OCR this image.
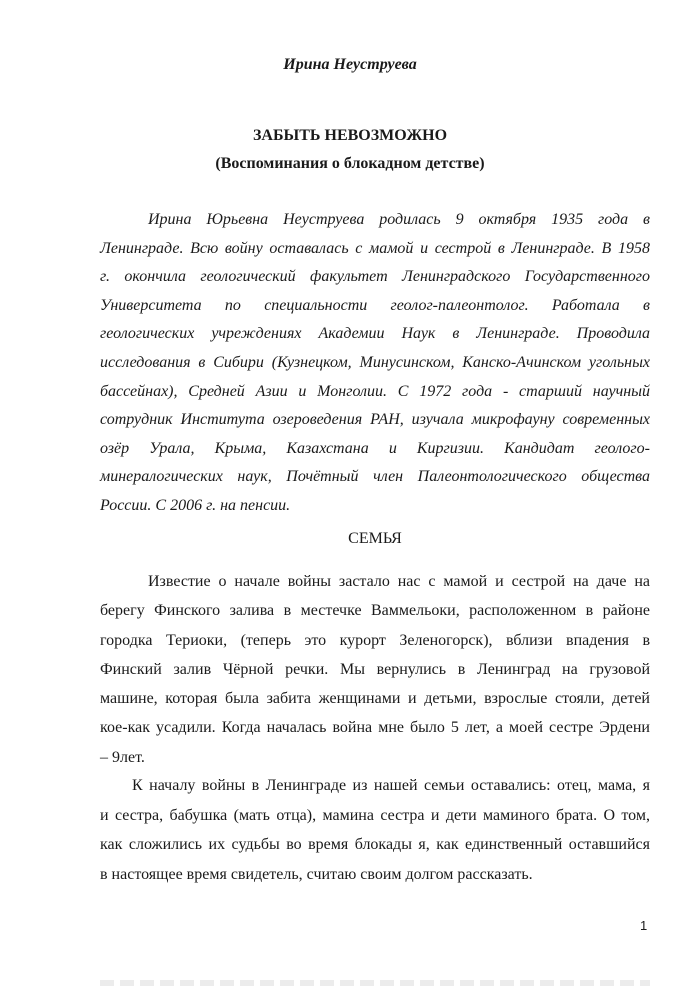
Ирина Неуструева
ЗАБЫТЬ НЕВОЗМОЖНО
(Воспоминания о блокадном детстве)
Ирина Юрьевна Неуструева родилась 9 октября 1935 года в
Ленинграде. Всю войну оставалась с мамой и сестрой в Ленинграде. В 1958
г. окончила геологический факультет Ленинградского Государственного
Университета по специальности геолог-палеонтолог. Работала в
геологических учреждениях Академии Наук в Ленинграде. Проводила
исследования в Сибири (Кузнецком, Минусинском, Канско-Ачинском угольных
бассейнах), Средней Азии и Монголии. С 1972 года - старший научный
сотрудник Института озероведения РАН, изучала микрофауну современных
озёр Урала, Крыма, Казахстана и Киргизии. Кандидат геолого-
минералогических наук, Почётный член Палеонтологического общества
России. С 2006 г. на пенсии.
СЕМЬЯ
Известие о начале войны застало нас с мамой и сестрой на даче на
берегу Финского залива в местечке Ваммельоки, расположенном в районе
городка Териоки, (теперь это курорт Зеленогорск), вблизи впадения в
Финский залив Чёрной речки. Мы вернулись в Ленинград на грузовой
машине, которая была забита женщинами и детьми, взрослые стояли, детей
кое-как усадили. Когда началась война мне было 5 лет, а моей сестре Эрдени
– 9лет.
К началу войны в Ленинграде из нашей семьи оставались: отец, мама, я
и сестра, бабушка (мать отца), мамина сестра и дети маминого брата. О том,
как сложились их судьбы во время блокады я, как единственный оставшийся
в настоящее время свидетель, считаю своим долгом рассказать.
1
